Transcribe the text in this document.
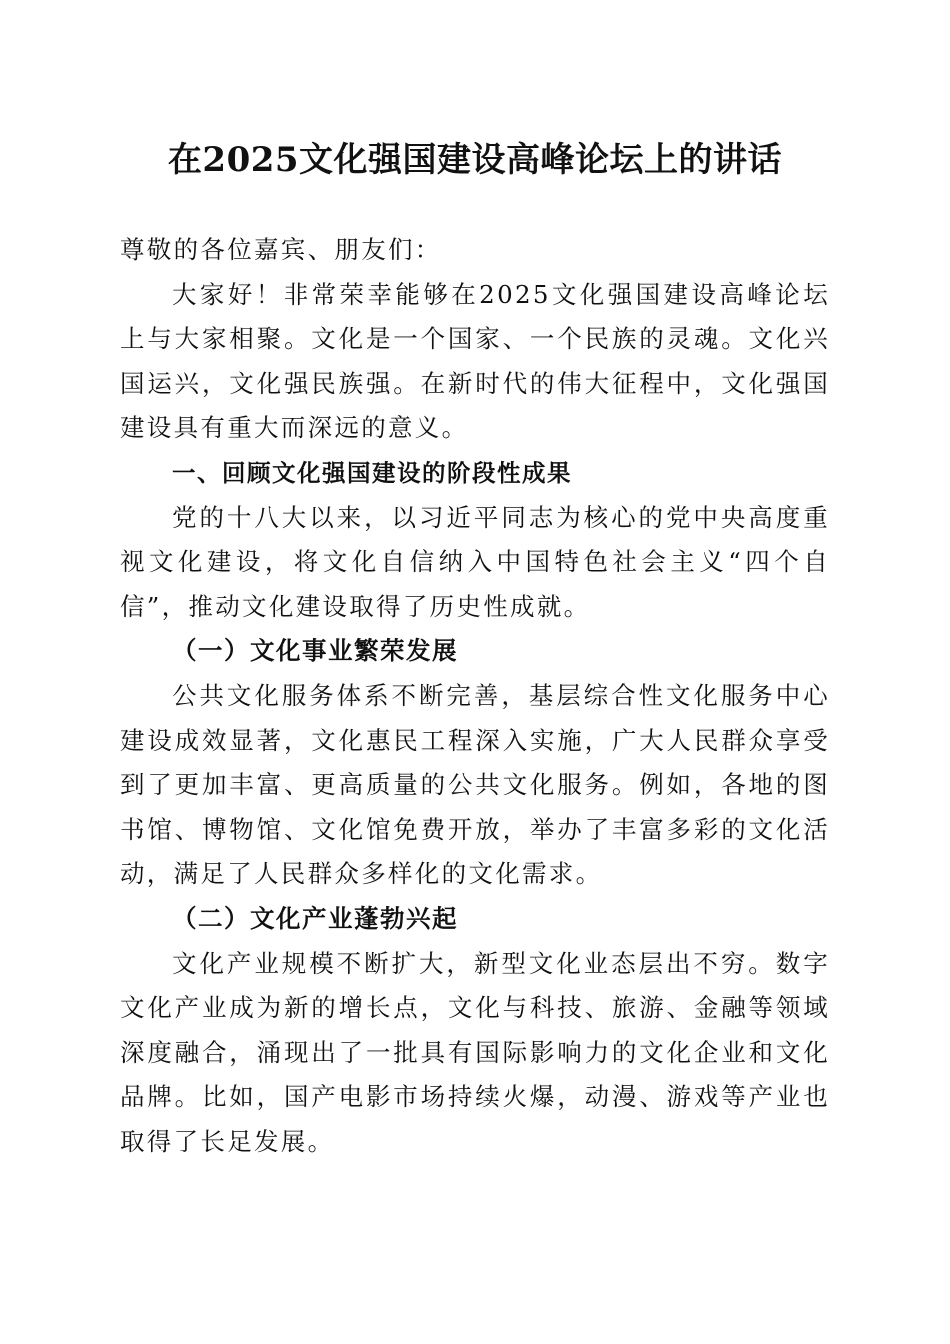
在2025文化强国建设高峰论坛上的讲话

尊敬的各位嘉宾、朋友们：

大家好！非常荣幸能够在2025文化强国建设高峰论坛上与大家相聚。文化是一个国家、一个民族的灵魂。文化兴国运兴，文化强民族强。在新时代的伟大征程中，文化强国建设具有重大而深远的意义。

一、回顾文化强国建设的阶段性成果

党的十八大以来，以习近平同志为核心的党中央高度重视文化建设，将文化自信纳入中国特色社会主义“四个自信”，推动文化建设取得了历史性成就。

（一）文化事业繁荣发展

公共文化服务体系不断完善，基层综合性文化服务中心建设成效显著，文化惠民工程深入实施，广大人民群众享受到了更加丰富、更高质量的公共文化服务。例如，各地的图书馆、博物馆、文化馆免费开放，举办了丰富多彩的文化活动，满足了人民群众多样化的文化需求。

（二）文化产业蓬勃兴起

文化产业规模不断扩大，新型文化业态层出不穷。数字文化产业成为新的增长点，文化与科技、旅游、金融等领域深度融合，涌现出了一批具有国际影响力的文化企业和文化品牌。比如，国产电影市场持续火爆，动漫、游戏等产业也取得了长足发展。
